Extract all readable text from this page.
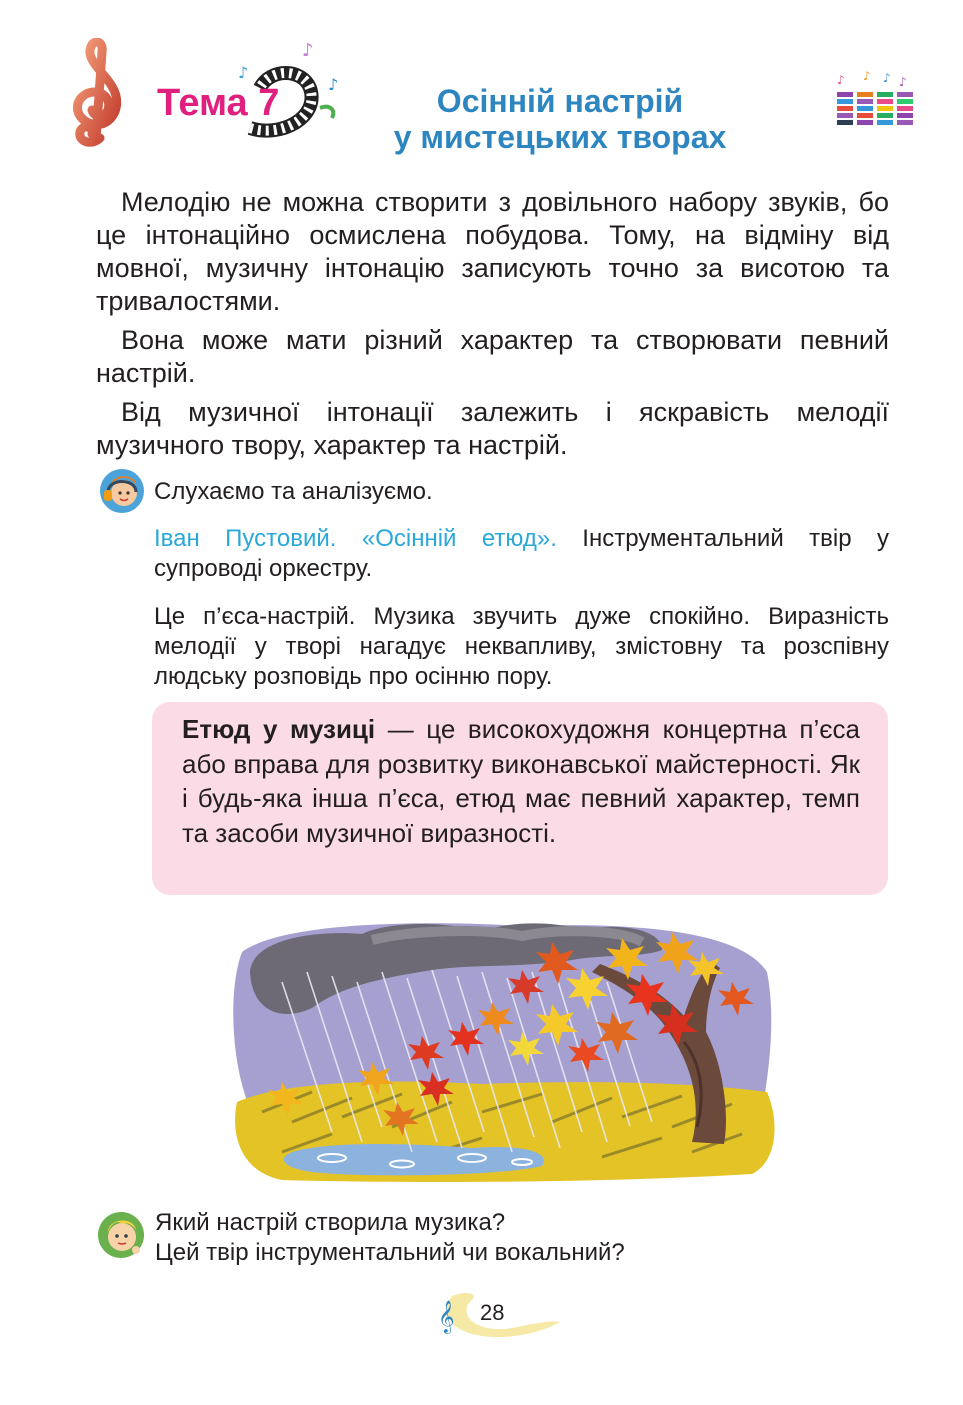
♪
♪
♪
Тема 7	Осінній настрій
у мистецьких творах
♪ ♪ ♪ ♪

Мелодію не можна створити з довільного набору звуків, бо це інтонаційно осмислена побудова. Тому, на відміну від мовної, музичну інтонацію записують точно за висотою та тривалостями.

Вона може мати різний характер та створювати певний настрій.

Від музичної інтонації залежить і яскравість мелодії музичного твору, характер та настрій.

Слухаємо та аналізуємо.

Іван Пустовий. «Осінній етюд». Інструментальний твір у супроводі оркестру.

Це п’єса-настрій. Музика звучить дуже спокійно. Виразність мелодії у творі нагадує неквапливу, змістовну та розспівну людську розповідь про осінню пору.

Етюд у музиці — це високохудожня концертна п’єса або вправа для розвитку виконавської майстерності. Як і будь-яка інша п’єса, етюд має певний характер, темп та засоби музичної виразності.

Який настрій створила музика?
Цей твір інструментальний чи вокальний?
𝄞 28
